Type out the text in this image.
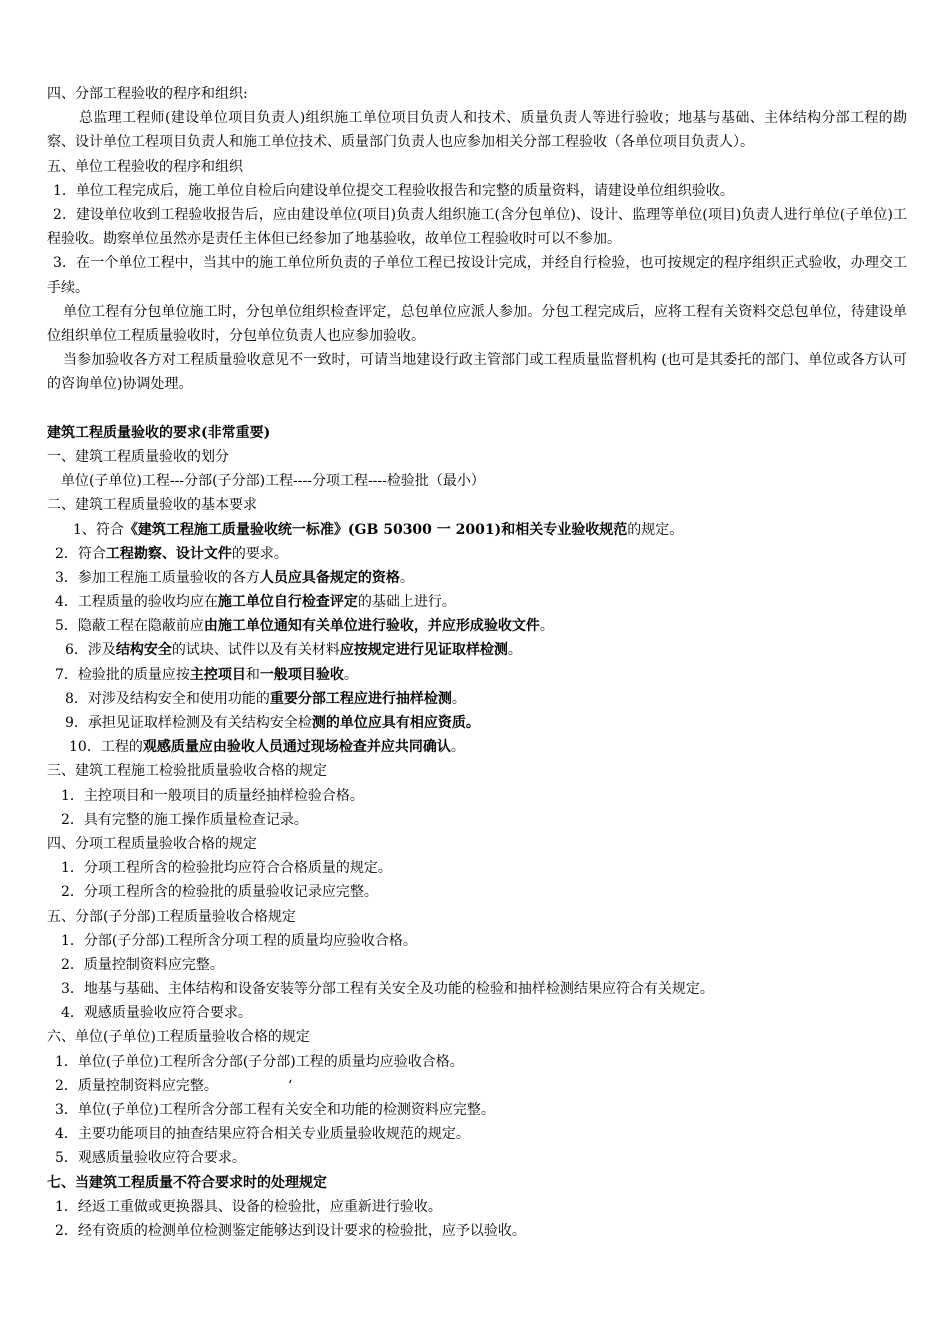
四、分部工程验收的程序和组织:
总监理工程师(建设单位项目负责人)组织施工单位项目负责人和技术、质量负责人等进行验收；地基与基础、主体结构分部工程的勘察、设计单位工程项目负责人和施工单位技术、质量部门负责人也应参加相关分部工程验收（各单位项目负责人）。
五、单位工程验收的程序和组织
1．单位工程完成后，施工单位自检后向建设单位提交工程验收报告和完整的质量资料，请建设单位组织验收。
2．建设单位收到工程验收报告后，应由建设单位(项目)负责人组织施工(含分包单位)、设计、监理等单位(项目)负责人进行单位(子单位)工程验收。勘察单位虽然亦是责任主体但已经参加了地基验收，故单位工程验收时可以不参加。
3．在一个单位工程中，当其中的施工单位所负责的子单位工程已按设计完成，并经自行检验，也可按规定的程序组织正式验收，办理交工手续。
单位工程有分包单位施工时，分包单位组织检查评定，总包单位应派人参加。分包工程完成后，应将工程有关资料交总包单位，待建设单位组织单位工程质量验收时，分包单位负责人也应参加验收。
当参加验收各方对工程质量验收意见不一致时，可请当地建设行政主管部门或工程质量监督机构 (也可是其委托的部门、单位或各方认可的咨询单位)协调处理。
建筑工程质量验收的要求(非常重要)
一、建筑工程质量验收的划分
单位(子单位)工程---分部(子分部)工程----分项工程----检验批（最小）
二、建筑工程质量验收的基本要求
1、符合《建筑工程施工质量验收统一标准》(GB 50300 一 2001)和相关专业验收规范的规定。
2．符合工程勘察、设计文件的要求。
3．参加工程施工质量验收的各方人员应具备规定的资格。
4．工程质量的验收均应在施工单位自行检查评定的基础上进行。
5．隐蔽工程在隐蔽前应由施工单位通知有关单位进行验收，并应形成验收文件。
6．涉及结构安全的试块、试件以及有关材料应按规定进行见证取样检测。
7．检验批的质量应按主控项目和一般项目验收。
8．对涉及结构安全和使用功能的重要分部工程应进行抽样检测。
9．承担见证取样检测及有关结构安全检测的单位应具有相应资质。
10．工程的观感质量应由验收人员通过现场检查并应共同确认。
三、建筑工程施工检验批质量验收合格的规定
1．主控项目和一般项目的质量经抽样检验合格。
2．具有完整的施工操作质量检查记录。
四、分项工程质量验收合格的规定
1．分项工程所含的检验批均应符合合格质量的规定。
2．分项工程所含的检验批的质量验收记录应完整。
五、分部(子分部)工程质量验收合格规定
1．分部(子分部)工程所含分项工程的质量均应验收合格。
2．质量控制资料应完整。
3．地基与基础、主体结构和设备安装等分部工程有关安全及功能的检验和抽样检测结果应符合有关规定。
4．观感质量验收应符合要求。
六、单位(子单位)工程质量验收合格的规定
1．单位(子单位)工程所含分部(子分部)工程的质量均应验收合格。
2．质量控制资料应完整。	‘
3．单位(子单位)工程所含分部工程有关安全和功能的检测资料应完整。
4．主要功能项目的抽查结果应符合相关专业质量验收规范的规定。
5．观感质量验收应符合要求。
七、当建筑工程质量不符合要求时的处理规定
1．经返工重做或更换器具、设备的检验批，应重新进行验收。
2．经有资质的检测单位检测鉴定能够达到设计要求的检验批，应予以验收。
